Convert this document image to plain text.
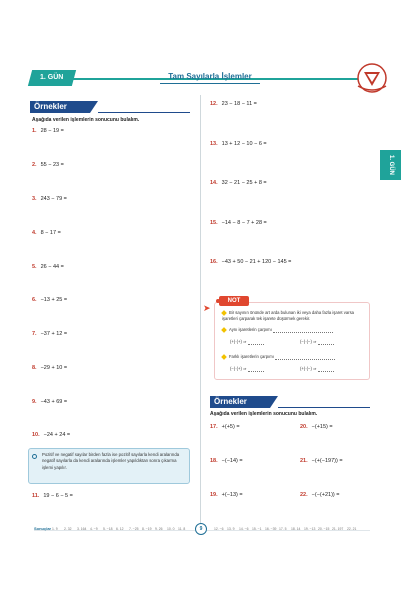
1. GÜN	Tam Sayılarla İşlemler
1. GÜN
Örnekler
Aşağıda verilen işlemlerin sonucunu bulalım.
1. 28 − 19 =
2. 55 − 23 =
3. 243 − 79 =
4. 8 − 17 =
5. 26 − 44 =
6. −13 + 25 =
7. −37 + 12 =
8. −29 + 10 =
9. −43 + 69 =
10. −24 + 24 =
Pozitif ve negatif sayılar birden fazla ise pozitif sayılarla kendi aralarında negatif sayılarla da kendi aralarında işlemler yapıldıktan sonra çıkarma işlemi yapılır.
11. 19 − 6 − 5 =
12. 23 − 18 − 11 =
13. 13 + 12 − 10 − 6 =
14. 32 − 21 − 25 + 8 =
15. −14 − 8 − 7 + 28 =
16. −43 + 50 − 21 + 120 − 145 =
➤
NOT
Bir sayının önünde art arda bulunan iki veya daha fazla işaret varsa işaretleri çarparak tek işarete düşürmek gerekir.
Aynı işaretlerin çarpımı
(+)·(+) ⇒	(−)·(−) ⇒
Farklı işaretlerin çarpımı
(−)·(+) ⇒	(+)·(−) ⇒
Örnekler
Aşağıda verilen işlemlerin sonucunu bulalım.
17. +(+5) =	20. −(+15) =
18. −(−14) =	21. −(+(−197)) =
19. +(−13) =	22. −(−(+21)) =
Sonuçlar 1. 9 2. 32 3. 164 4. −9 5. −18 6. 12 7. −25 8. −19 9. 26 10. 0 11. 8	9	12. −6 13. 9 14. −6 15. −1 16. −39 17. 5 18. 14 19. −13 20. −15 21. 197 22. 21
